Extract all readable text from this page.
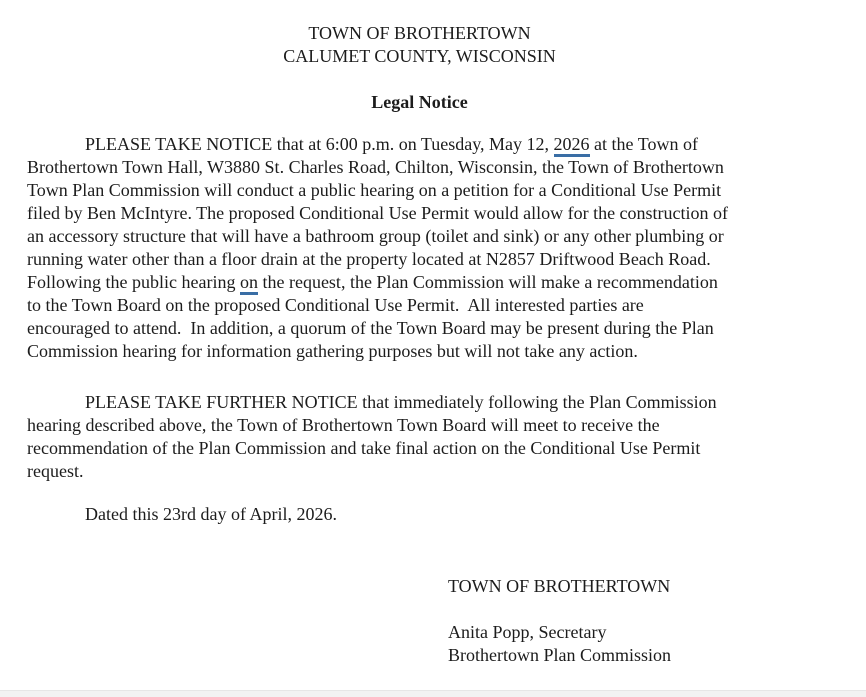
TOWN OF BROTHERTOWN
CALUMET COUNTY, WISCONSIN
Legal Notice
PLEASE TAKE NOTICE that at 6:00 p.m. on Tuesday, May 12, 2026 at the Town of
Brothertown Town Hall, W3880 St. Charles Road, Chilton, Wisconsin, the Town of Brothertown
Town Plan Commission will conduct a public hearing on a petition for a Conditional Use Permit
filed by Ben McIntyre. The proposed Conditional Use Permit would allow for the construction of
an accessory structure that will have a bathroom group (toilet and sink) or any other plumbing or
running water other than a floor drain at the property located at N2857 Driftwood Beach Road.
Following the public hearing on the request, the Plan Commission will make a recommendation
to the Town Board on the proposed Conditional Use Permit.  All interested parties are
encouraged to attend.  In addition, a quorum of the Town Board may be present during the Plan
Commission hearing for information gathering purposes but will not take any action.
PLEASE TAKE FURTHER NOTICE that immediately following the Plan Commission
hearing described above, the Town of Brothertown Town Board will meet to receive the
recommendation of the Plan Commission and take final action on the Conditional Use Permit
request.
Dated this 23rd day of April, 2026.
TOWN OF BROTHERTOWN
Anita Popp, Secretary
Brothertown Plan Commission
